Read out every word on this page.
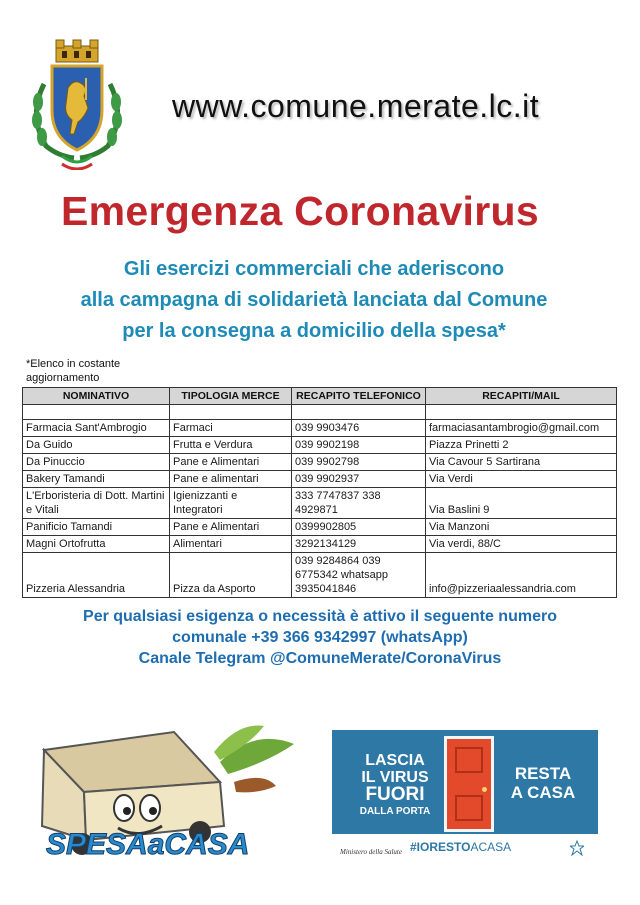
www.comune.merate.lc.it
Emergenza Coronavirus
Gli esercizi commerciali che aderiscono
alla campagna di solidarietà lanciata dal Comune
per la consegna a domicilio della spesa*
*Elenco in costante aggiornamento
NOMINATIVO	TIPOLOGIA MERCE	RECAPITO TELEFONICO	RECAPITI/MAIL

Farmacia Sant'Ambrogio	Farmaci	039 9903476	farmaciasantambrogio@gmail.com
Da Guido	Frutta e Verdura	039 9902198	Piazza Prinetti 2
Da Pinuccio	Pane e Alimentari	039 9902798	Via Cavour 5 Sartirana
Bakery Tamandi	Pane e alimentari	039 9902937	Via Verdi
L'Erboristeria di Dott. Martini e Vitali	Igienizzanti e Integratori	333 7747837 338 4929871	Via Baslini 9
Panificio Tamandi	Pane e Alimentari	0399902805	Via Manzoni
Magni Ortofrutta	Alimentari	3292134129	Via verdi, 88/C
Pizzeria Alessandria	Pizza da Asporto	039 9284864 039 6775342 whatsapp 3935041846	info@pizzeriaalessandria.com
Per qualsiasi esigenza o necessità è attivo il seguente numero
comunale +39 366 9342997 (whatsApp)
Canale Telegram @ComuneMerate/CoronaVirus
SPESAaCASA
LASCIA
IL VIRUS
FUORI
DALLA PORTA
RESTA
A CASA
Ministero della Salute #IORESTOACASA
